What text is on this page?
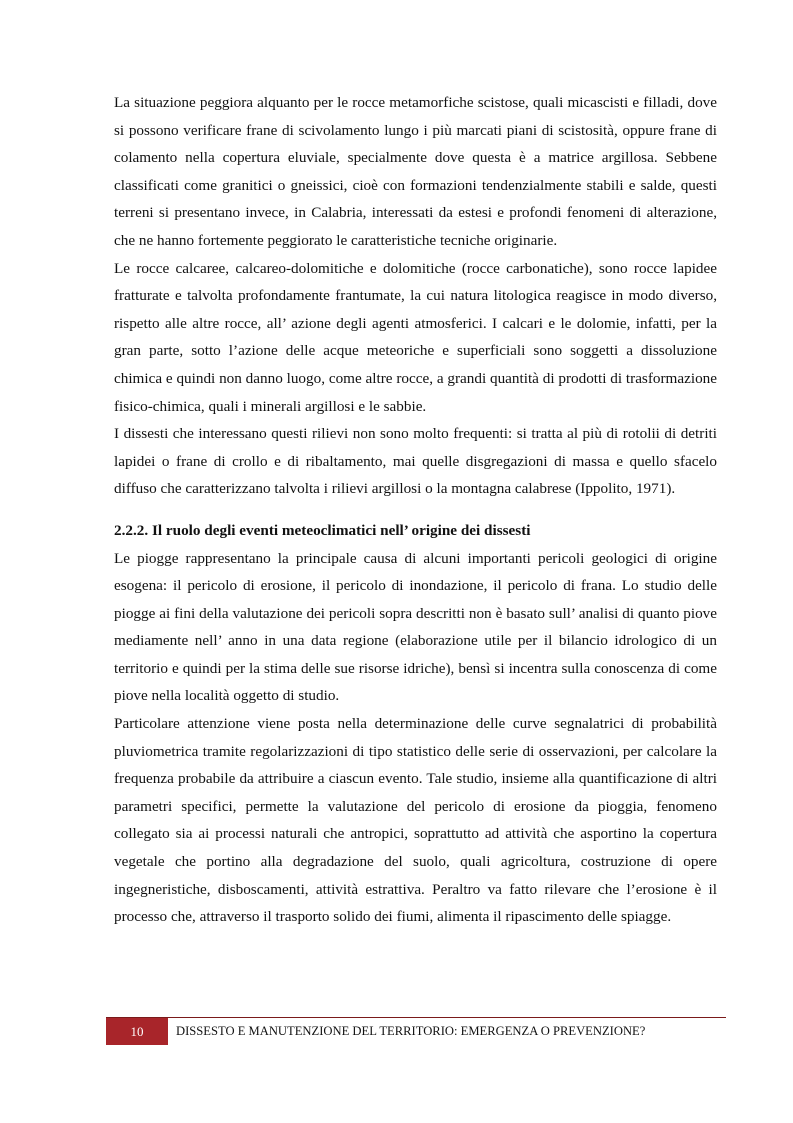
La situazione peggiora alquanto per le rocce metamorfiche scistose, quali micascisti e filladi, dove si possono verificare frane di scivolamento lungo i più marcati piani di scistosità, oppure frane di colamento nella copertura eluviale, specialmente dove questa è a matrice argillosa. Sebbene classificati come granitici o gneissici, cioè con formazioni tendenzialmente stabili e salde, questi terreni si presentano invece, in Calabria, interessati da estesi e profondi fenomeni di alterazione, che ne hanno fortemente peggiorato le caratteristiche tecniche originarie.

Le rocce calcaree, calcareo-dolomitiche e dolomitiche (rocce carbonatiche), sono rocce lapidee fratturate e talvolta profondamente frantumate, la cui natura litologica reagisce in modo diverso, rispetto alle altre rocce, all’ azione degli agenti atmosferici. I calcari e le dolomie, infatti, per la gran parte, sotto l’azione delle acque meteoriche e superficiali sono soggetti a dissoluzione chimica e quindi non danno luogo, come altre rocce, a grandi quantità di prodotti di trasformazione fisico-chimica, quali i minerali argillosi e le sabbie.

I dissesti che interessano questi rilievi non sono molto frequenti: si tratta al più di rotolii di detriti lapidei o frane di crollo e di ribaltamento, mai quelle disgregazioni di massa e quello sfacelo diffuso che caratterizzano talvolta i rilievi argillosi o la montagna calabrese (Ippolito, 1971).

2.2.2. Il ruolo degli eventi meteoclimatici nell’ origine dei dissesti

Le piogge rappresentano la principale causa di alcuni importanti pericoli geologici di origine esogena: il pericolo di erosione, il pericolo di inondazione, il pericolo di frana. Lo studio delle piogge ai fini della valutazione dei pericoli sopra descritti non è basato sull’ analisi di quanto piove mediamente nell’ anno in una data regione (elaborazione utile per il bilancio idrologico di un territorio e quindi per la stima delle sue risorse idriche), bensì si incentra sulla conoscenza di come piove nella località oggetto di studio.

Particolare attenzione viene posta nella determinazione delle curve segnalatrici di probabilità pluviometrica tramite regolarizzazioni di tipo statistico delle serie di osservazioni, per calcolare la frequenza probabile da attribuire a ciascun evento. Tale studio, insieme alla quantificazione di altri parametri specifici, permette la valutazione del pericolo di erosione da pioggia, fenomeno collegato sia ai processi naturali che antropici, soprattutto ad attività che asportino la copertura vegetale che portino alla degradazione del suolo, quali agricoltura, costruzione di opere ingegneristiche, disboscamenti, attività estrattiva. Peraltro va fatto rilevare che l’erosione è il processo che, attraverso il trasporto solido dei fiumi, alimenta il ripascimento delle spiagge.

10	DISSESTO E MANUTENZIONE DEL TERRITORIO: EMERGENZA O PREVENZIONE?
